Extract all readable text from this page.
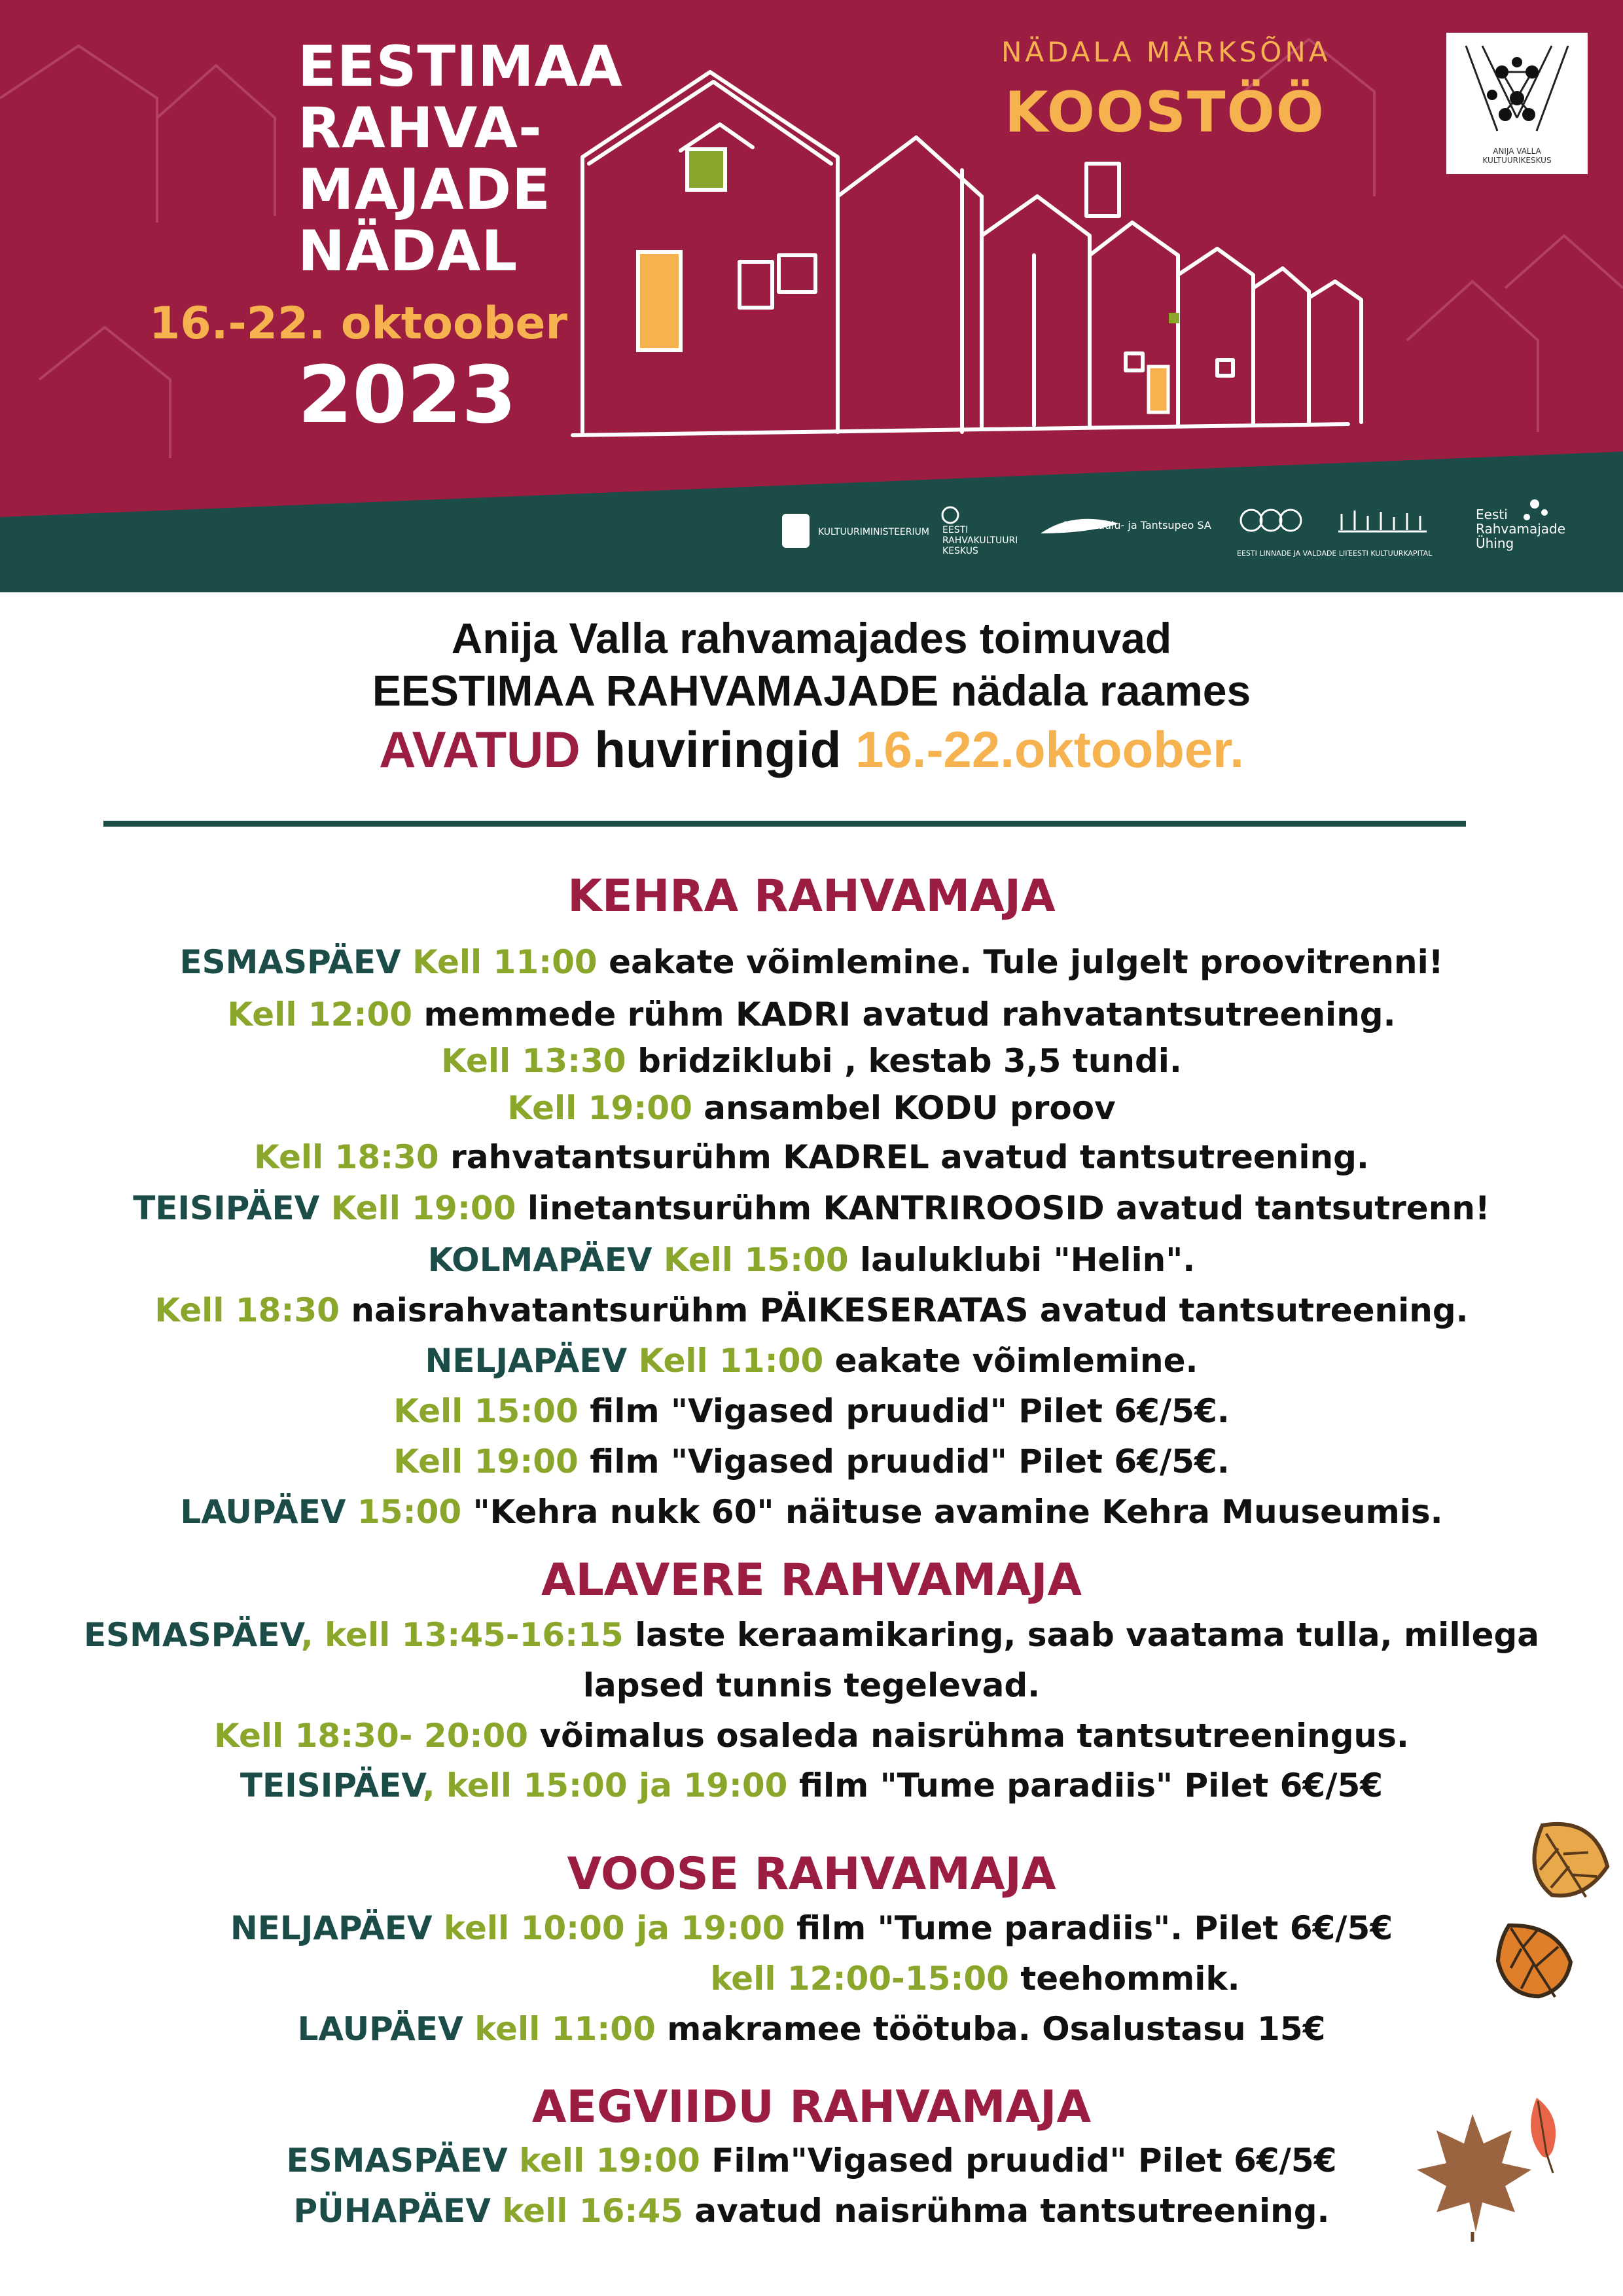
EESTIMAA
RAHVA-
MAJADE
NÄDAL
16.-22. oktoober
2023
NÄDALA MÄRKSÕNA
KOOSTÖÖ
ANIJA VALLA
KULTUURIKESKUS
KULTUURIMINISTEERIUM EESTI
RAHVAKULTUURI
KESKUS
Eesti Laulu- ja Tantsupeo SA
EESTI LINNADE JA VALDADE LIIT
EESTI KULTUURKAPITAL
Eesti
Rahvamajade
Ühing
Anija Valla rahvamajades toimuvad
EESTIMAA RAHVAMAJADE nädala raames
AVATUD huviringid 16.-22.oktoober.
KEHRA RAHVAMAJA
ESMASPÄEV Kell 11:00 eakate võimlemine. Tule julgelt proovitrenni!
Kell 12:00 memmede rühm KADRI avatud rahvatantsutreening.
Kell 13:30 bridziklubi , kestab 3,5 tundi.
Kell 19:00 ansambel KODU proov
Kell 18:30 rahvatantsurühm KADREL avatud tantsutreening.
TEISIPÄEV Kell 19:00 linetantsurühm KANTRIROOSID avatud tantsutrenn!
KOLMAPÄEV Kell 15:00 lauluklubi "Helin".
Kell 18:30 naisrahvatantsurühm PÄIKESERATAS avatud tantsutreening.
NELJAPÄEV Kell 11:00 eakate võimlemine.
Kell 15:00 film "Vigased pruudid" Pilet 6€/5€.
Kell 19:00 film "Vigased pruudid" Pilet 6€/5€.
LAUPÄEV 15:00 "Kehra nukk 60" näituse avamine Kehra Muuseumis.
ALAVERE RAHVAMAJA
ESMASPÄEV, kell 13:45-16:15 laste keraamikaring, saab vaatama tulla, millega
lapsed tunnis tegelevad.
Kell 18:30- 20:00 võimalus osaleda naisrühma tantsutreeningus.
TEISIPÄEV, kell 15:00 ja 19:00 film "Tume paradiis" Pilet 6€/5€
VOOSE RAHVAMAJA
NELJAPÄEV kell 10:00 ja 19:00 film "Tume paradiis". Pilet 6€/5€
kell 12:00-15:00 teehommik.
LAUPÄEV kell 11:00 makramee töötuba. Osalustasu 15€
AEGVIIDU RAHVAMAJA
ESMASPÄEV kell 19:00 Film"Vigased pruudid" Pilet 6€/5€
PÜHAPÄEV kell 16:45 avatud naisrühma tantsutreening.
